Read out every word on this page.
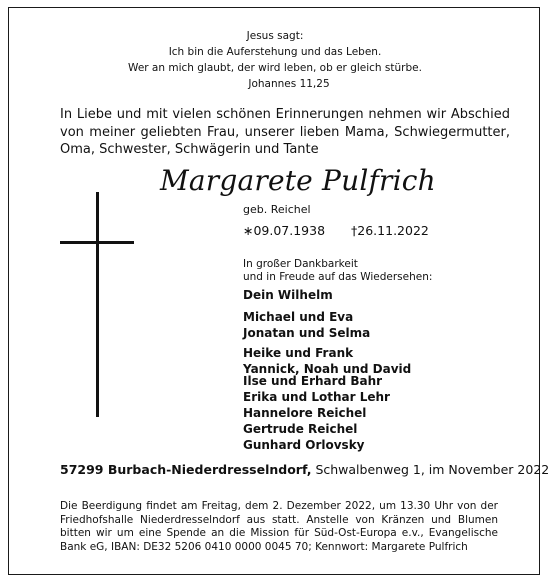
Jesus sagt:
Ich bin die Auferstehung und das Leben.
Wer an mich glaubt, der wird leben, ob er gleich stürbe.
Johannes 11,25
In Liebe und mit vielen schönen Erinnerungen nehmen wir Abschied von meiner geliebten Frau, unserer lieben Mama, Schwiegermutter, Oma, Schwester, Schwägerin und Tante
Margarete Pulfrich
geb. Reichel
∗09.07.1938 †26.11.2022
In großer Dankbarkeit
und in Freude auf das Wiedersehen:
Dein Wilhelm
Michael und Eva
Jonatan und Selma
Heike und Frank
Yannick, Noah und David
Ilse und Erhard Bahr
Erika und Lothar Lehr
Hannelore Reichel
Gertrude Reichel
Gunhard Orlovsky
57299 Burbach-Niederdresselndorf, Schwalbenweg 1, im November 2022
Die Beerdigung findet am Freitag, dem 2. Dezember 2022, um 13.30 Uhr von der Friedhofshalle Niederdresselndorf aus statt. Anstelle von Kränzen und Blumen bitten wir um eine Spende an die Mission für Süd-Ost-Europa e.v., Evangelische Bank eG, IBAN: DE32 5206 0410 0000 0045 70; Kennwort: Margarete Pulfrich
